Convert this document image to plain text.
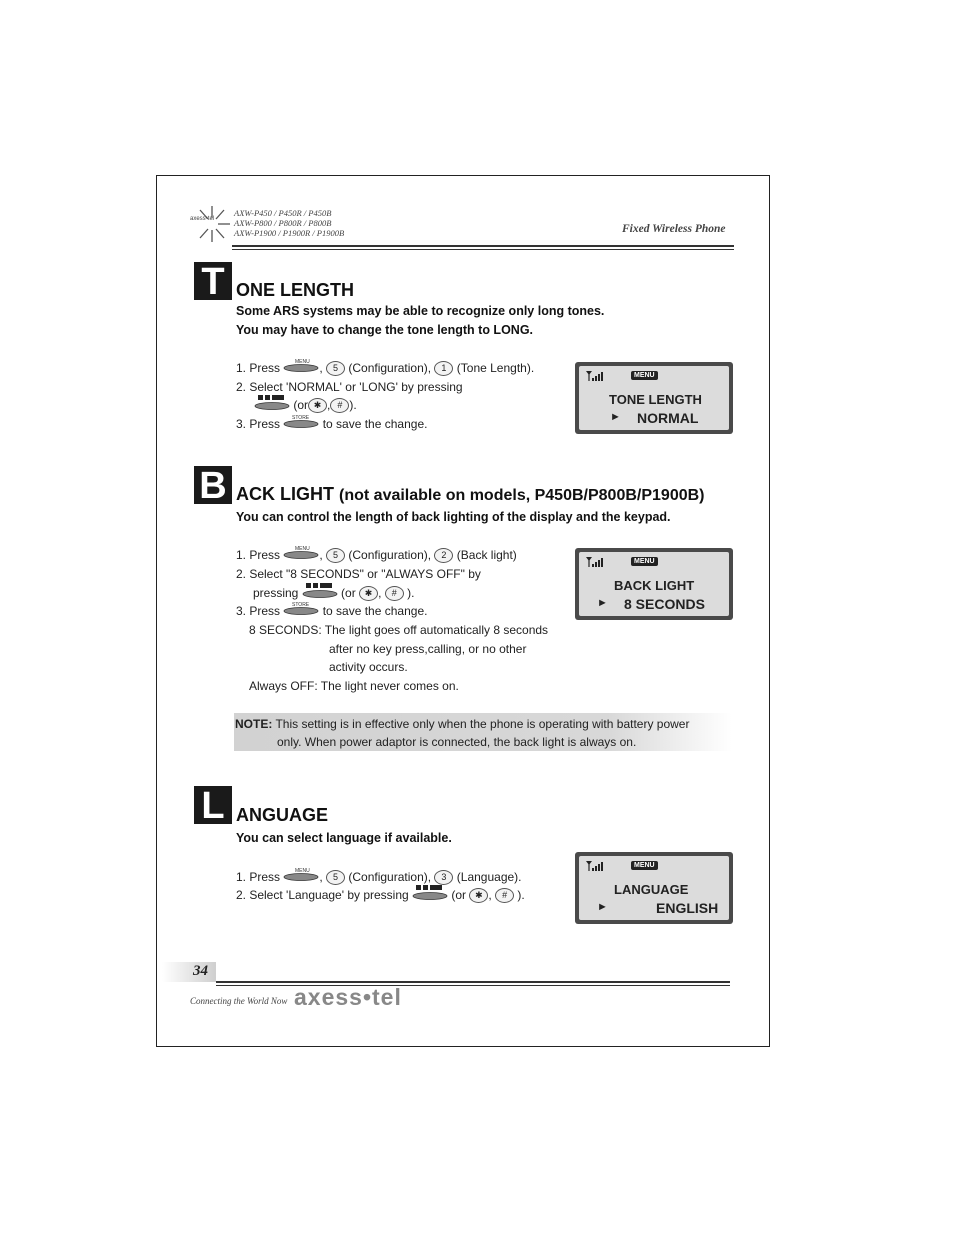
axess•tel
AXW-P450 / P450R / P450B
AXW-P800 / P800R / P800B
AXW-P1900 / P1900R / P1900B	Fixed Wireless Phone
T ONE LENGTH
Some ARS systems may be able to recognize only long tones.
You may have to change the tone length to LONG.
1. Press	MENU , 5 (Configuration), 1 (Tone Length).
2. Select 'NORMAL' or 'LONG' by pressing
(or ✱ , # ).
3. Press STORE to save the change.
MENU
TONE LENGTH
► NORMAL
B ACK LIGHT (not available on models, P450B/P800B/P1900B)
You can control the length of back lighting of the display and the keypad.
1. Press	MENU , 5 (Configuration), 2 (Back light)
2. Select "8 SECONDS" or "ALWAYS OFF" by
pressing	(or ✱ , # ).
3. Press STORE to save the change.
8 SECONDS: The light goes off automatically 8 seconds
after no key press,calling, or no other
activity occurs.
Always OFF: The light never comes on.
MENU
BACK LIGHT
► 8 SECONDS
NOTE: This setting is in effective only when the phone is operating with battery power
only. When power adaptor is connected, the back light is always on.
L ANGUAGE
You can select language if available.
1. Press	MENU , 5 (Configuration), 3 (Language).
2. Select 'Language' by pressing	(or ✱ , # ).
MENU
LANGUAGE
►	ENGLISH
34
Connecting the World Now axess•tel
